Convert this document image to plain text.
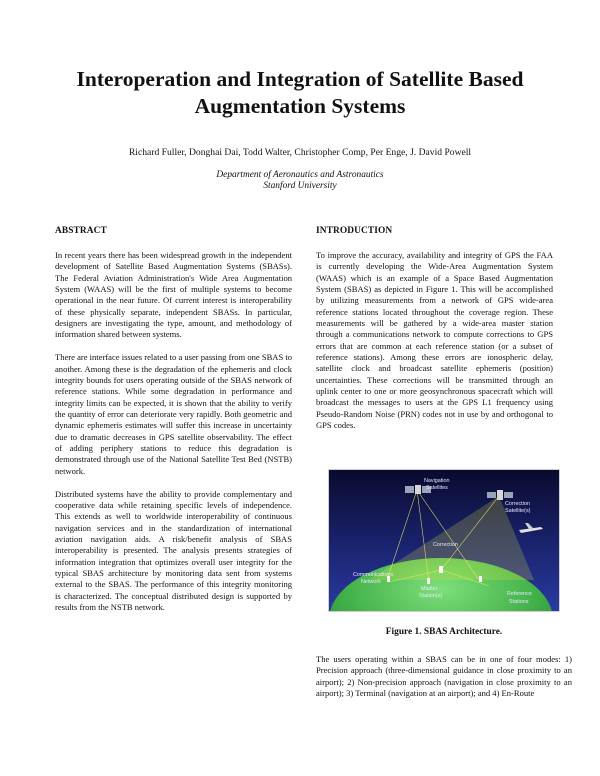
Interoperation and Integration of Satellite Based
Augmentation Systems
Richard Fuller, Donghai Dai, Todd Walter, Christopher Comp, Per Enge, J. David Powell
Department of Aeronautics and Astronautics
Stanford University
ABSTRACT

In recent years there has been widespread growth in the independent development of Satellite Based Augmentation Systems (SBASs). The Federal Aviation Administration's Wide Area Augmentation System (WAAS) will be the first of multiple systems to become operational in the near future. Of current interest is interoperability of these physically separate, independent SBASs. In particular, designers are investigating the type, amount, and methodology of information shared between systems.

There are interface issues related to a user passing from one SBAS to another. Among these is the degradation of the ephemeris and clock integrity bounds for users operating outside of the SBAS network of reference stations. While some degradation in performance and integrity limits can be expected, it is shown that the ability to verify the quantity of error can deteriorate very rapidly. Both geometric and dynamic ephemeris estimates will suffer this increase in uncertainty due to dramatic decreases in GPS satellite observability. The effect of adding periphery stations to reduce this degradation is demonstrated through use of the National Satellite Test Bed (NSTB) network.

Distributed systems have the ability to provide complementary and cooperative data while retaining specific levels of independence. This extends as well to worldwide interoperability of continuous navigation services and in the standardization of international aviation navigation aids. A risk/benefit analysis of SBAS interoperability is presented. The analysis presents strategies of information integration that optimizes overall user integrity for the typical SBAS architecture by monitoring data sent from systems external to the SBAS. The performance of this integrity monitoring is characterized. The conceptual distributed design is supported by results from the NSTB network.

INTRODUCTION

To improve the accuracy, availability and integrity of GPS the FAA is currently developing the Wide-Area Augmentation System (WAAS) which is an example of a Space Based Augmentation System (SBAS) as depicted in Figure 1. This will be accomplished by utilizing measurements from a network of GPS wide-area reference stations located throughout the coverage region. These measurements will be gathered by a wide-area master station through a communications network to compute corrections to GPS errors that are common at each reference station (or a subset of reference stations). Among these errors are ionospheric delay, satellite clock and broadcast satellite ephemeris (position) uncertainties. These corrections will be transmitted through an uplink center to one or more geosynchronous spacecraft which will broadcast the messages to users at the GPS L1 frequency using Pseudo-Random Noise (PRN) codes not in use by and orthogonal to GPS codes.

Navigation
Satellites
Correction
Satellite(s)
Correction
Communications
Network
Master
Station(s)	Reference
Stations
Figure 1. SBAS Architecture.

The users operating within a SBAS can be in one of four modes: 1) Precision approach (three-dimensional guidance in close proximity to an airport); 2) Non-precision approach (navigation in close proximity to an airport); 3) Terminal (navigation at an airport); and 4) En-Route
